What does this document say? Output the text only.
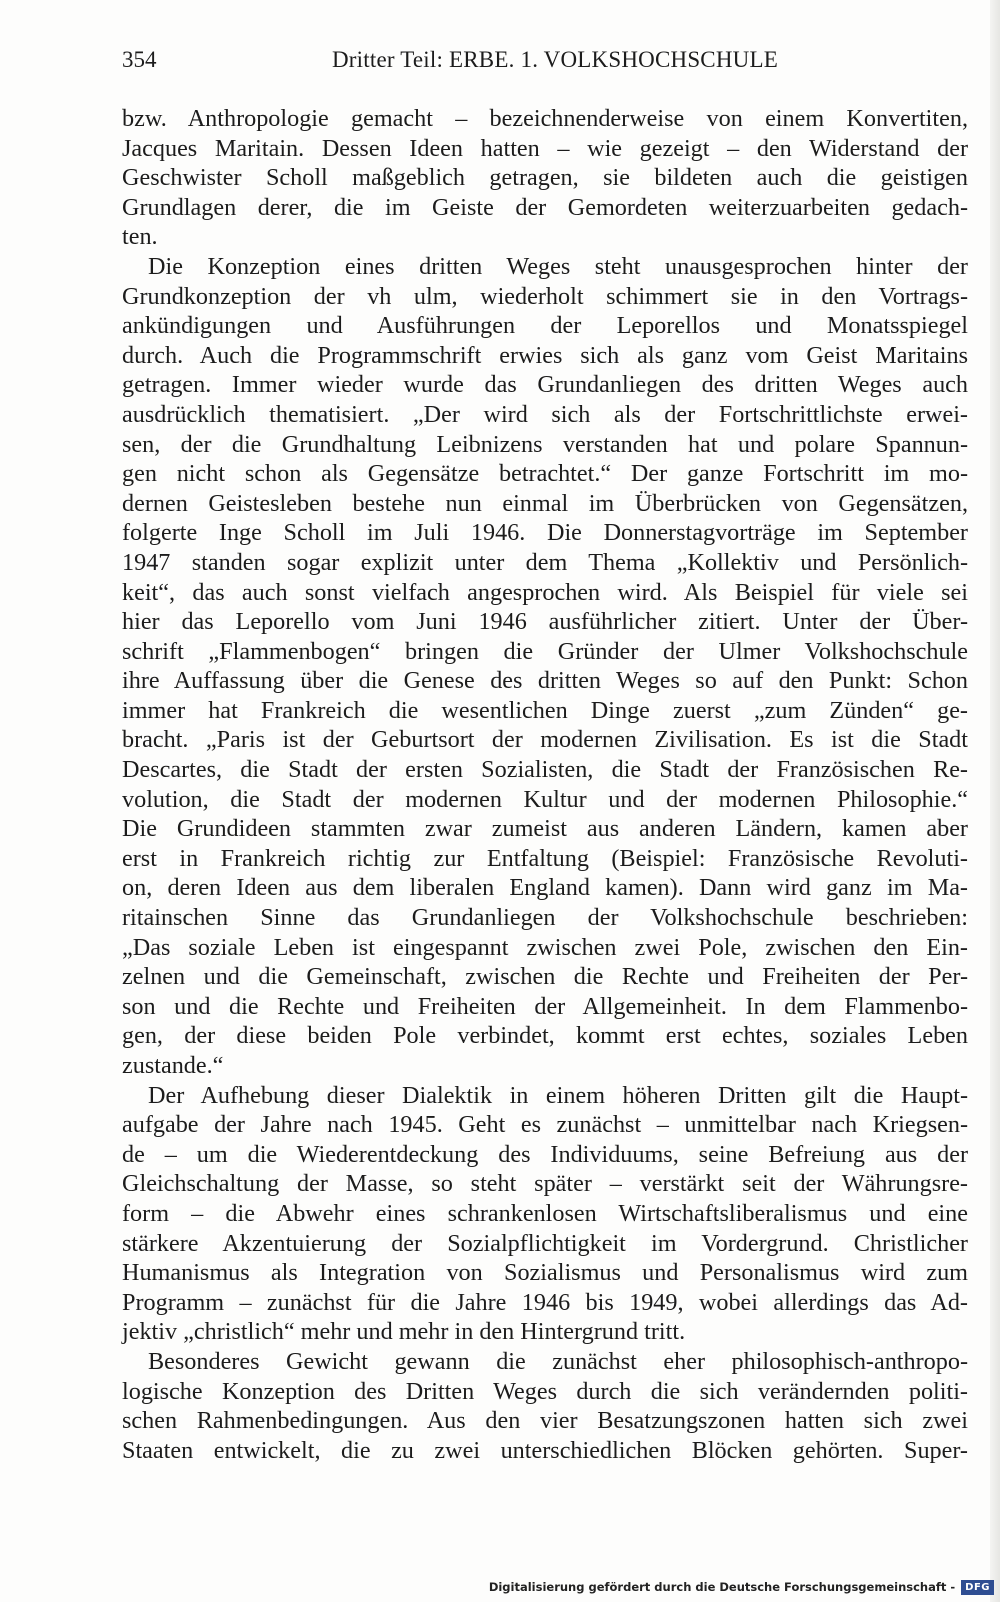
354	Dritter Teil: ERBE. 1. VOLKSHOCHSCHULE
bzw. Anthropologie gemacht – bezeichnenderweise von einem Konvertiten,
Jacques Maritain. Dessen Ideen hatten – wie gezeigt – den Widerstand der
Geschwister Scholl maßgeblich getragen, sie bildeten auch die geistigen
Grundlagen derer, die im Geiste der Gemordeten weiterzuarbeiten gedach-
ten.
Die Konzeption eines dritten Weges steht unausgesprochen hinter der
Grundkonzeption der vh ulm, wiederholt schimmert sie in den Vortrags-
ankündigungen und Ausführungen der Leporellos und Monatsspiegel
durch. Auch die Programmschrift erwies sich als ganz vom Geist Maritains
getragen. Immer wieder wurde das Grundanliegen des dritten Weges auch
ausdrücklich thematisiert. „Der wird sich als der Fortschrittlichste erwei-
sen, der die Grundhaltung Leibnizens verstanden hat und polare Spannun-
gen nicht schon als Gegensätze betrachtet.“ Der ganze Fortschritt im mo-
dernen Geistesleben bestehe nun einmal im Überbrücken von Gegensätzen,
folgerte Inge Scholl im Juli 1946. Die Donnerstagvorträge im September
1947 standen sogar explizit unter dem Thema „Kollektiv und Persönlich-
keit“, das auch sonst vielfach angesprochen wird. Als Beispiel für viele sei
hier das Leporello vom Juni 1946 ausführlicher zitiert. Unter der Über-
schrift „Flammenbogen“ bringen die Gründer der Ulmer Volkshochschule
ihre Auffassung über die Genese des dritten Weges so auf den Punkt: Schon
immer hat Frankreich die wesentlichen Dinge zuerst „zum Zünden“ ge-
bracht. „Paris ist der Geburtsort der modernen Zivilisation. Es ist die Stadt
Descartes, die Stadt der ersten Sozialisten, die Stadt der Französischen Re-
volution, die Stadt der modernen Kultur und der modernen Philosophie.“
Die Grundideen stammten zwar zumeist aus anderen Ländern, kamen aber
erst in Frankreich richtig zur Entfaltung (Beispiel: Französische Revoluti-
on, deren Ideen aus dem liberalen England kamen). Dann wird ganz im Ma-
ritainschen Sinne das Grundanliegen der Volkshochschule beschrieben:
„Das soziale Leben ist eingespannt zwischen zwei Pole, zwischen den Ein-
zelnen und die Gemeinschaft, zwischen die Rechte und Freiheiten der Per-
son und die Rechte und Freiheiten der Allgemeinheit. In dem Flammenbo-
gen, der diese beiden Pole verbindet, kommt erst echtes, soziales Leben
zustande.“
Der Aufhebung dieser Dialektik in einem höheren Dritten gilt die Haupt-
aufgabe der Jahre nach 1945. Geht es zunächst – unmittelbar nach Kriegsen-
de – um die Wiederentdeckung des Individuums, seine Befreiung aus der
Gleichschaltung der Masse, so steht später – verstärkt seit der Währungsre-
form – die Abwehr eines schrankenlosen Wirtschaftsliberalismus und eine
stärkere Akzentuierung der Sozialpflichtigkeit im Vordergrund. Christlicher
Humanismus als Integration von Sozialismus und Personalismus wird zum
Programm – zunächst für die Jahre 1946 bis 1949, wobei allerdings das Ad-
jektiv „christlich“ mehr und mehr in den Hintergrund tritt.
Besonderes Gewicht gewann die zunächst eher philosophisch-anthropo-
logische Konzeption des Dritten Weges durch die sich verändernden politi-
schen Rahmenbedingungen. Aus den vier Besatzungszonen hatten sich zwei
Staaten entwickelt, die zu zwei unterschiedlichen Blöcken gehörten. Super-
Digitalisierung gefördert durch die Deutsche Forschungsgemeinschaft -	DFG
